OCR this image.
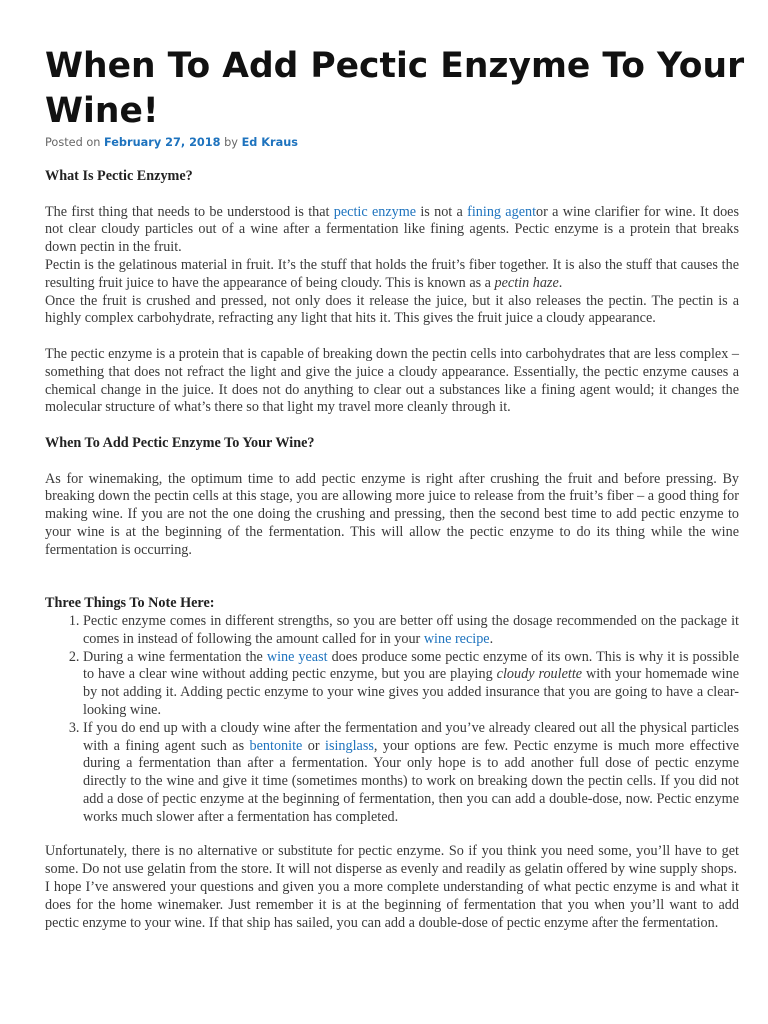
When To Add Pectic Enzyme To Your Wine!

Posted on February 27, 2018 by Ed Kraus

What Is Pectic Enzyme?

The first thing that needs to be understood is that pectic enzyme is not a fining agentor a wine clarifier for wine. It does not clear cloudy particles out of a wine after a fermentation like fining agents. Pectic enzyme is a protein that breaks down pectin in the fruit.

Pectin is the gelatinous material in fruit. It’s the stuff that holds the fruit’s fiber together. It is also the stuff that causes the resulting fruit juice to have the appearance of being cloudy. This is known as a pectin haze.

Once the fruit is crushed and pressed, not only does it release the juice, but it also releases the pectin. The pectin is a highly complex carbohydrate, refracting any light that hits it. This gives the fruit juice a cloudy appearance.

The pectic enzyme is a protein that is capable of breaking down the pectin cells into carbohydrates that are less complex – something that does not refract the light and give the juice a cloudy appearance. Essentially, the pectic enzyme causes a chemical change in the juice. It does not do anything to clear out a substances like a fining agent would; it changes the molecular structure of what’s there so that light my travel more cleanly through it.

When To Add Pectic Enzyme To Your Wine?

As for winemaking, the optimum time to add pectic enzyme is right after crushing the fruit and before pressing. By breaking down the pectin cells at this stage, you are allowing more juice to release from the fruit’s fiber – a good thing for making wine. If you are not the one doing the crushing and pressing, then the second best time to add pectic enzyme to your wine is at the beginning of the fermentation. This will allow the pectic enzyme to do its thing while the wine fermentation is occurring.

Three Things To Note Here:
1. Pectic enzyme comes in different strengths, so you are better off using the dosage recommended on the package it comes in instead of following the amount called for in your wine recipe.
2. During a wine fermentation the wine yeast does produce some pectic enzyme of its own. This is why it is possible to have a clear wine without adding pectic enzyme, but you are playing cloudy roulette with your homemade wine by not adding it. Adding pectic enzyme to your wine gives you added insurance that you are going to have a clear-looking wine.
3. If you do end up with a cloudy wine after the fermentation and you’ve already cleared out all the physical particles with a fining agent such as bentonite or isinglass, your options are few. Pectic enzyme is much more effective during a fermentation than after a fermentation. Your only hope is to add another full dose of pectic enzyme directly to the wine and give it time (sometimes months) to work on breaking down the pectin cells. If you did not add a dose of pectic enzyme at the beginning of fermentation, then you can add a double-dose, now. Pectic enzyme works much slower after a fermentation has completed.

Unfortunately, there is no alternative or substitute for pectic enzyme. So if you think you need some, you’ll have to get some. Do not use gelatin from the store. It will not disperse as evenly and readily as gelatin offered by wine supply shops.

I hope I’ve answered your questions and given you a more complete understanding of what pectic enzyme is and what it does for the home winemaker. Just remember it is at the beginning of fermentation that you when you’ll want to add pectic enzyme to your wine. If that ship has sailed, you can add a double-dose of pectic enzyme after the fermentation.
